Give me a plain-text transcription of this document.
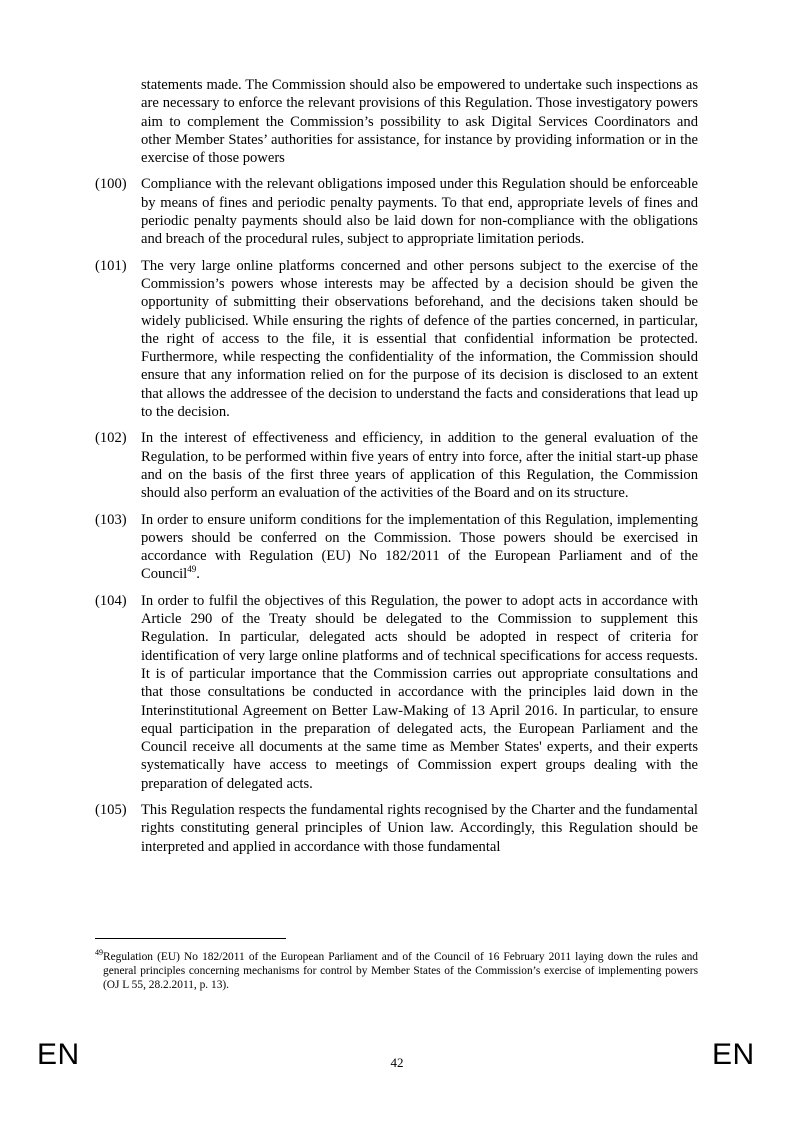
statements made. The Commission should also be empowered to undertake such inspections as are necessary to enforce the relevant provisions of this Regulation. Those investigatory powers aim to complement the Commission’s possibility to ask Digital Services Coordinators and other Member States’ authorities for assistance, for instance by providing information or in the exercise of those powers

(100) Compliance with the relevant obligations imposed under this Regulation should be enforceable by means of fines and periodic penalty payments. To that end, appropriate levels of fines and periodic penalty payments should also be laid down for non-compliance with the obligations and breach of the procedural rules, subject to appropriate limitation periods.
(101) The very large online platforms concerned and other persons subject to the exercise of the Commission’s powers whose interests may be affected by a decision should be given the opportunity of submitting their observations beforehand, and the decisions taken should be widely publicised. While ensuring the rights of defence of the parties concerned, in particular, the right of access to the file, it is essential that confidential information be protected. Furthermore, while respecting the confidentiality of the information, the Commission should ensure that any information relied on for the purpose of its decision is disclosed to an extent that allows the addressee of the decision to understand the facts and considerations that lead up to the decision.
(102) In the interest of effectiveness and efficiency, in addition to the general evaluation of the Regulation, to be performed within five years of entry into force, after the initial start-up phase and on the basis of the first three years of application of this Regulation, the Commission should also perform an evaluation of the activities of the Board and on its structure.
(103) In order to ensure uniform conditions for the implementation of this Regulation, implementing powers should be conferred on the Commission. Those powers should be exercised in accordance with Regulation (EU) No 182/2011 of the European Parliament and of the Council$^{49}$.
(104) In order to fulfil the objectives of this Regulation, the power to adopt acts in accordance with Article 290 of the Treaty should be delegated to the Commission to supplement this Regulation. In particular, delegated acts should be adopted in respect of criteria for identification of very large online platforms and of technical specifications for access requests. It is of particular importance that the Commission carries out appropriate consultations and that those consultations be conducted in accordance with the principles laid down in the Interinstitutional Agreement on Better Law-Making of 13 April 2016. In particular, to ensure equal participation in the preparation of delegated acts, the European Parliament and the Council receive all documents at the same time as Member States' experts, and their experts systematically have access to meetings of Commission expert groups dealing with the preparation of delegated acts.
(105) This Regulation respects the fundamental rights recognised by the Charter and the fundamental rights constituting general principles of Union law. Accordingly, this Regulation should be interpreted and applied in accordance with those fundamental
$^{49}$Regulation (EU) No 182/2011 of the European Parliament and of the Council of 16 February 2011 laying down the rules and general principles concerning mechanisms for control by Member States of the Commission’s exercise of implementing powers (OJ L 55, 28.2.2011, p. 13).
EN	42	EN
